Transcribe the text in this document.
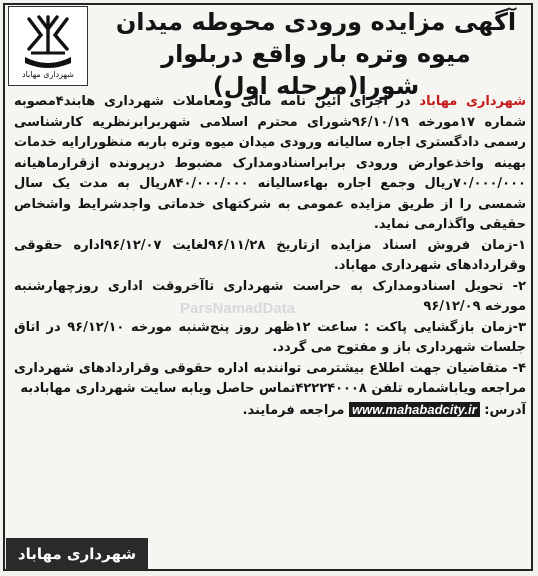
شهرداری مهاباد
آگهی مزایده ورودی محوطه میدان میوه وتره بار واقع دربلوار شورا(مرحله اول)
ParsNamadData

شهرداری مهاباد در اجرای آئین نامه مالی ومعاملات شهرداری هابند۴مصوبه شماره ۱۷مورخه ۹۶/۱۰/۱۹شورای محترم اسلامی شهربرابرنظریه کارشناسی رسمی دادگستری اجاره سالیانه ورودی میدان میوه وتره باربه منظورارایه خدمات بهینه واخذعوارض ورودی برابراسنادومدارک مضبوط درپرونده ازقرارماهیانه ۷۰/۰۰۰/۰۰۰ریال وجمع اجاره بهاءسالیانه ۸۴۰/۰۰۰/۰۰۰ریال به مدت یک سال شمسی را از طریق مزایده عمومی به شرکتهای خدماتی واجدشرایط واشخاص حقیقی واگذارمی نماید.

۱-زمان فروش اسناد مزایده ازتاریخ ۹۶/۱۱/۲۸لغایت ۹۶/۱۲/۰۷اداره حقوقی وقراردادهای شهرداری مهاباد.

۲- تحویل اسنادومدارک به حراست شهرداری تاآخروقت اداری روزچهارشنبه مورخه ۹۶/۱۲/۰۹

۳-زمان بازگشایی پاکت : ساعت ۱۲ظهر روز پنج‌شنبه مورخه ۹۶/۱۲/۱۰ در اتاق جلسات شهرداری باز و مفتوح می گردد.

۴- متقاضیان جهت اطلاع بیشترمی توانندبه اداره حقوقی وقراردادهای شهرداری مراجعه ویاباشماره تلفن ۴۲۲۲۴۰۰۰۸تماس حاصل ویابه سایت شهرداری مهابادبه

آدرس: www.mahabadcity.ir مراجعه فرمایند.

شهرداری مهاباد
